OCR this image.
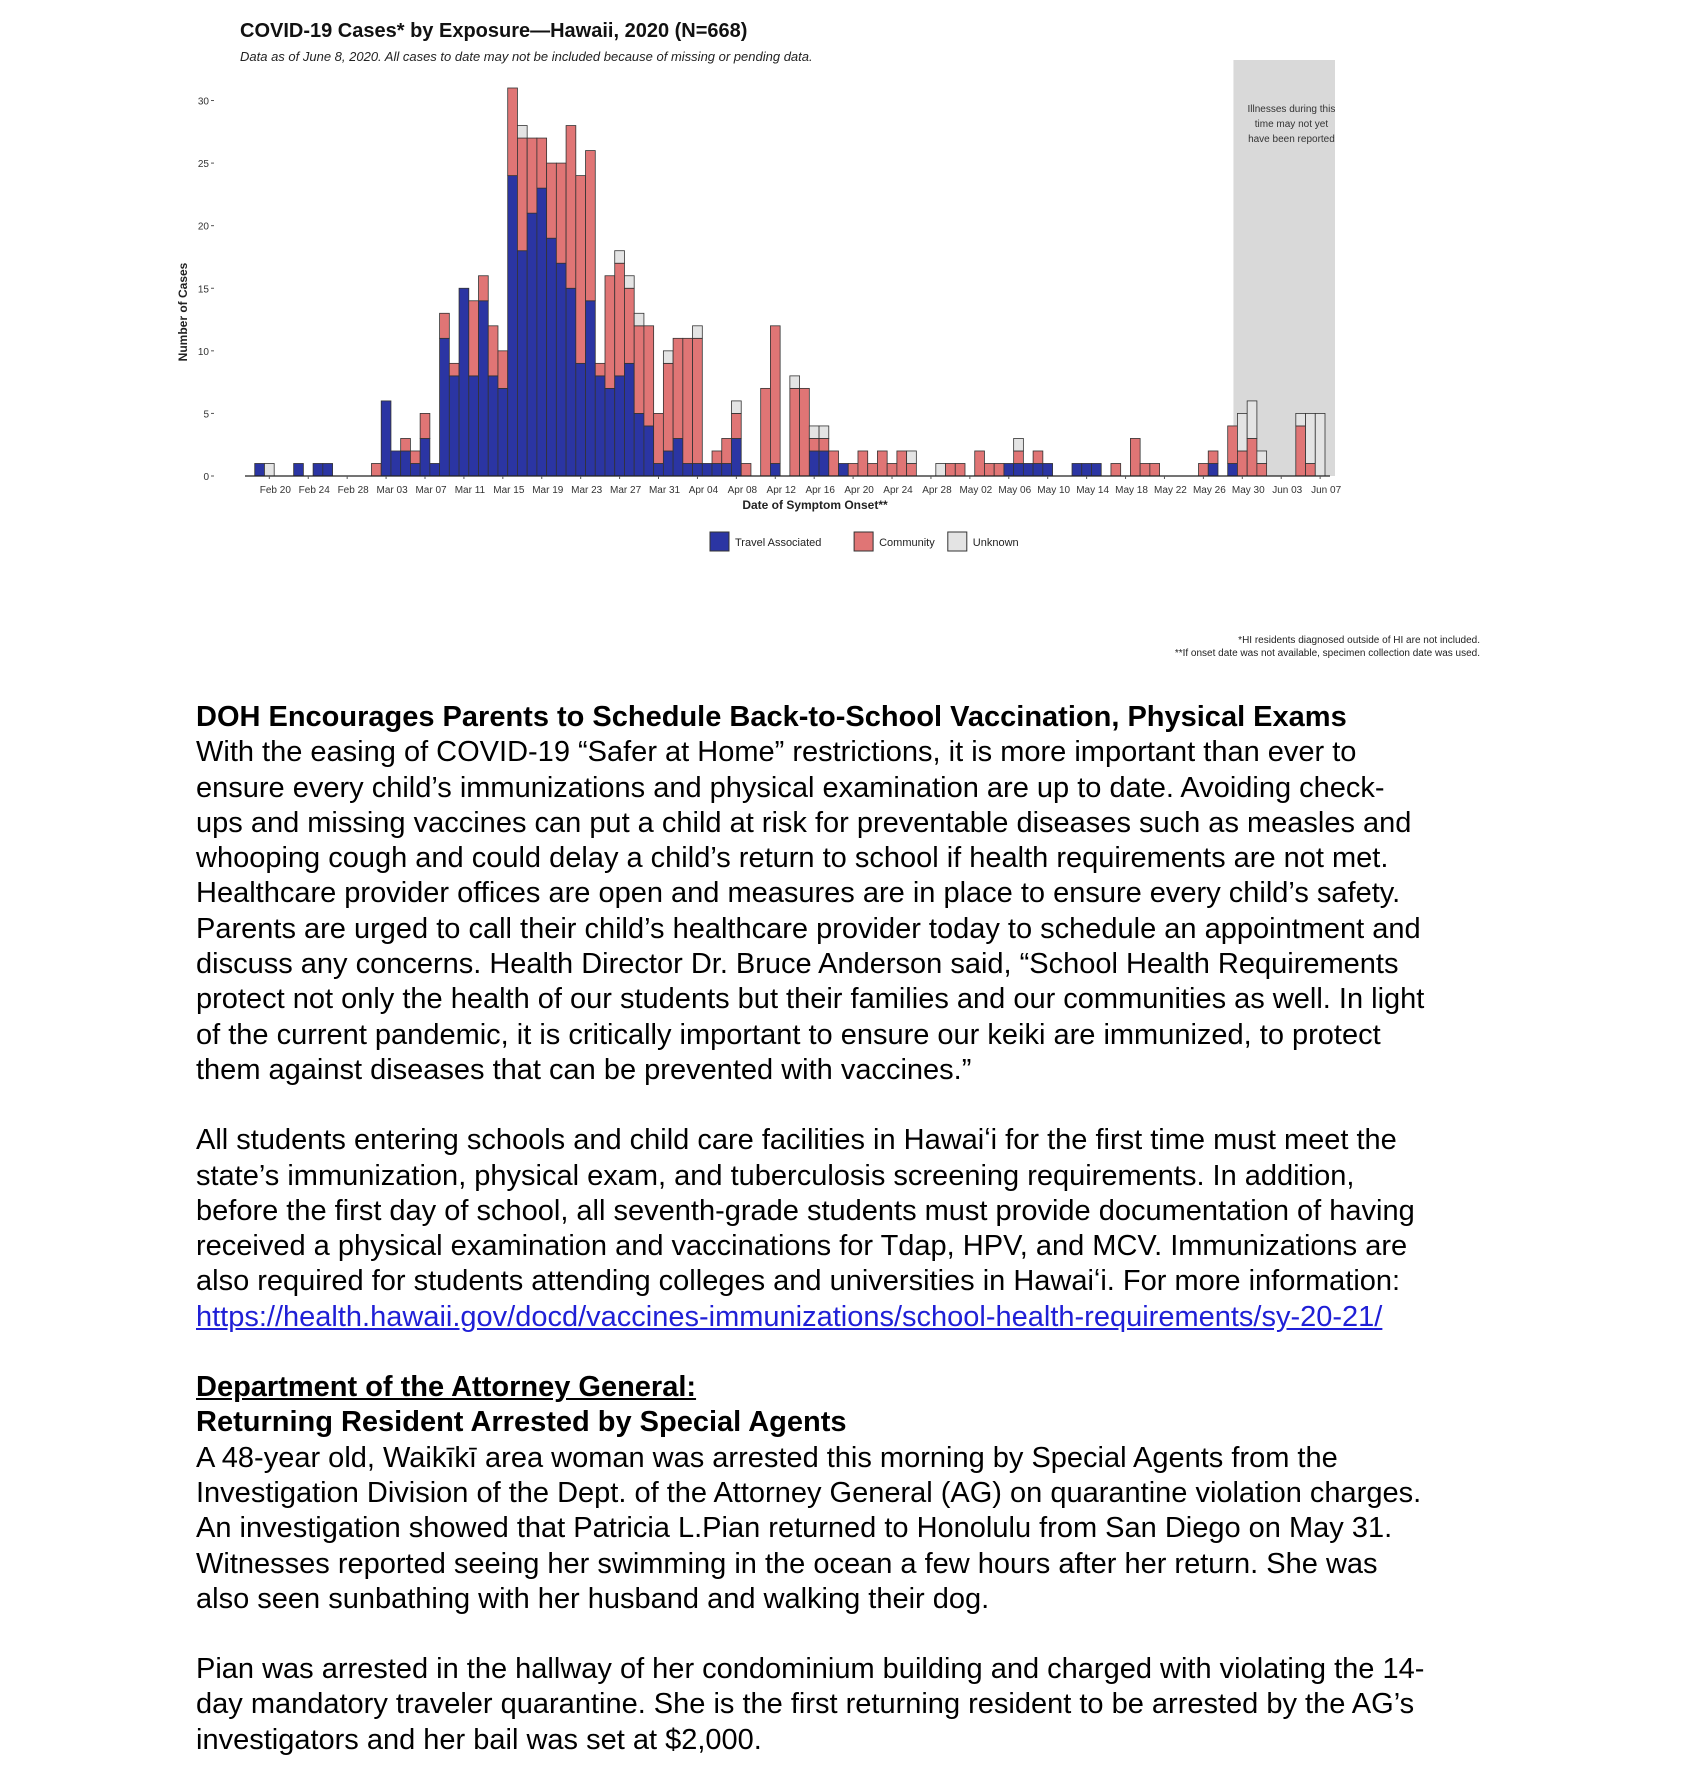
Illnesses during this
time may not yet
have been reported
0
5
10
15
20
25
30
Number of Cases
Feb 20 Feb 24 Feb 28 Mar 03 Mar 07 Mar 11 Mar 15 Mar 19 Mar 23 Mar 27 Mar 31 Apr 04 Apr 08 Apr 12 Apr 16 Apr 20 Apr 24 Apr 28 May 02 May 06 May 10 May 14 May 18 May 22 May 26 May 30 Jun 03 Jun 07
Date of Symptom Onset**
Travel Associated	Community	Unknown
COVID-19 Cases* by Exposure—Hawaii, 2020 (N=668)
Data as of June 8, 2020. All cases to date may not be included because of missing or pending data.
*HI residents diagnosed outside of HI are not included.
**If onset date was not available, specimen collection date was used.

DOH Encourages Parents to Schedule Back-to-School Vaccination, Physical Exams

With the easing of COVID-19 “Safer at Home” restrictions, it is more important than ever to

ensure every child’s immunizations and physical examination are up to date. Avoiding check-

ups and missing vaccines can put a child at risk for preventable diseases such as measles and

whooping cough and could delay a child’s return to school if health requirements are not met.

Healthcare provider offices are open and measures are in place to ensure every child’s safety.

Parents are urged to call their child’s healthcare provider today to schedule an appointment and

discuss any concerns. Health Director Dr. Bruce Anderson said, “School Health Requirements

protect not only the health of our students but their families and our communities as well. In light

of the current pandemic, it is critically important to ensure our keiki are immunized, to protect

them against diseases that can be prevented with vaccines.”

All students entering schools and child care facilities in Hawaiʻi for the first time must meet the

state’s immunization, physical exam, and tuberculosis screening requirements. In addition,

before the first day of school, all seventh-grade students must provide documentation of having

received a physical examination and vaccinations for Tdap, HPV, and MCV. Immunizations are

also required for students attending colleges and universities in Hawaiʻi. For more information:

https://health.hawaii.gov/docd/vaccines-immunizations/school-health-requirements/sy-20-21/

Department of the Attorney General:

Returning Resident Arrested by Special Agents

A 48-year old, Waikīkī area woman was arrested this morning by Special Agents from the

Investigation Division of the Dept. of the Attorney General (AG) on quarantine violation charges.

An investigation showed that Patricia L.Pian returned to Honolulu from San Diego on May 31.

Witnesses reported seeing her swimming in the ocean a few hours after her return. She was

also seen sunbathing with her husband and walking their dog.

Pian was arrested in the hallway of her condominium building and charged with violating the 14-

day mandatory traveler quarantine. She is the first returning resident to be arrested by the AG’s

investigators and her bail was set at $2,000.
